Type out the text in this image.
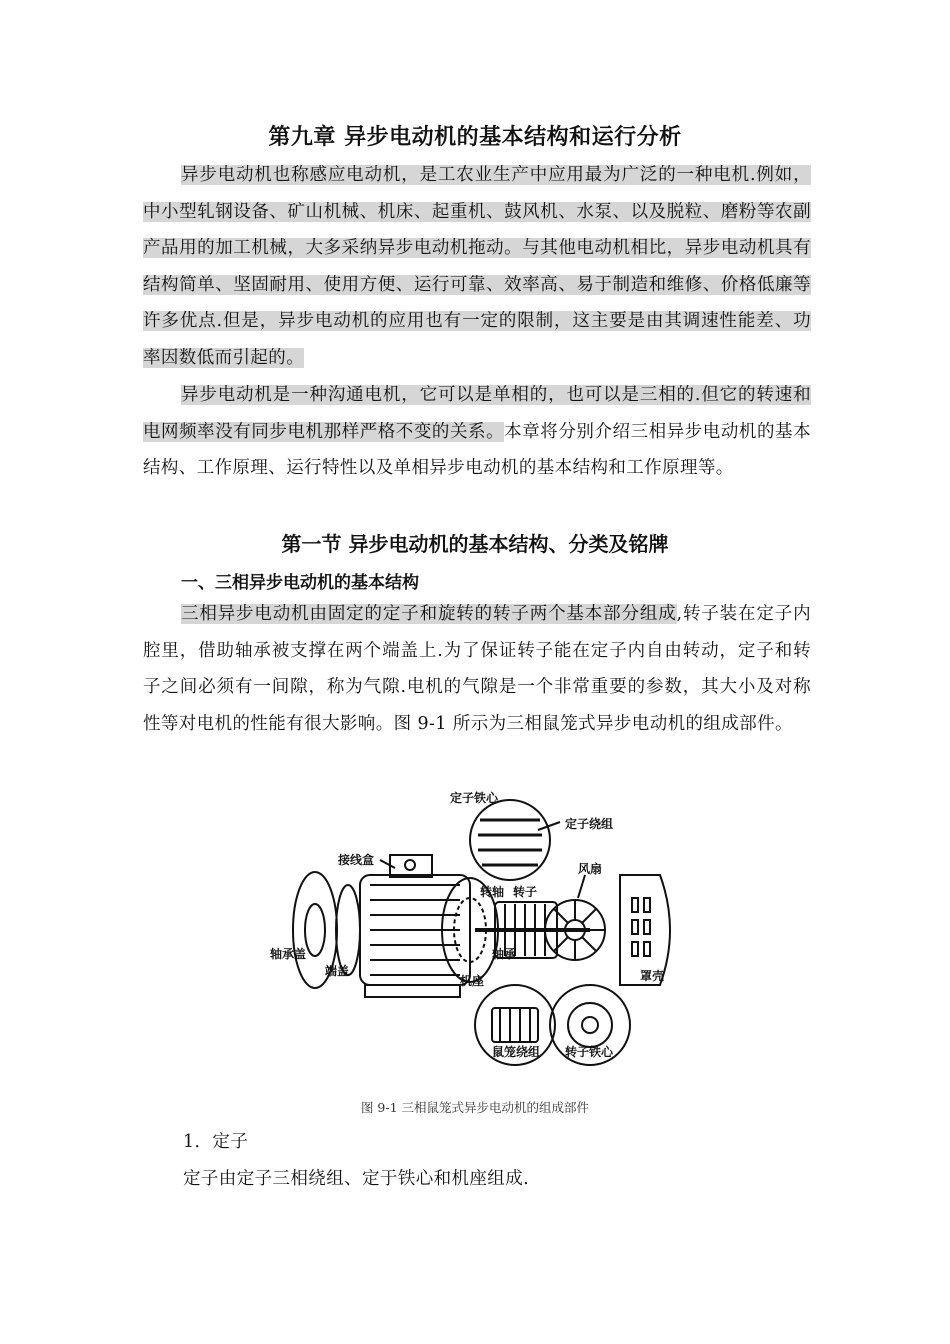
第九章 异步电动机的基本结构和运行分析

异步电动机也称感应电动机，是工农业生产中应用最为广泛的一种电机.例如，中小型轧钢设备、矿山机械、机床、起重机、鼓风机、水泵、以及脱粒、磨粉等农副产品用的加工机械，大多采纳异步电动机拖动。与其他电动机相比，异步电动机具有结构简单、坚固耐用、使用方便、运行可靠、效率高、易于制造和维修、价格低廉等许多优点.但是，异步电动机的应用也有一定的限制，这主要是由其调速性能差、功率因数低而引起的。

异步电动机是一种沟通电机，它可以是单相的，也可以是三相的.但它的转速和电网频率没有同步电机那样严格不变的关系。本章将分别介绍三相异步电动机的基本结构、工作原理、运行特性以及单相异步电动机的基本结构和工作原理等。

第一节 异步电动机的基本结构、分类及铭牌
一、三相异步电动机的基本结构

三相异步电动机由固定的定子和旋转的转子两个基本部分组成,转子装在定子内腔里，借助轴承被支撑在两个端盖上.为了保证转子能在定子内自由转动，定子和转子之间必须有一间隙，称为气隙.电机的气隙是一个非常重要的参数，其大小及对称性等对电机的性能有很大影响。图 9-1 所示为三相鼠笼式异步电动机的组成部件。

定子铁心
定子绕组
接线盒
风扇
转轴 转子
轴承盖
端盖
轴承
机座	罩壳
鼠笼绕组 转子铁心
图 9-1 三相鼠笼式异步电动机的组成部件
1．定子
定子由定子三相绕组、定于铁心和机座组成.
